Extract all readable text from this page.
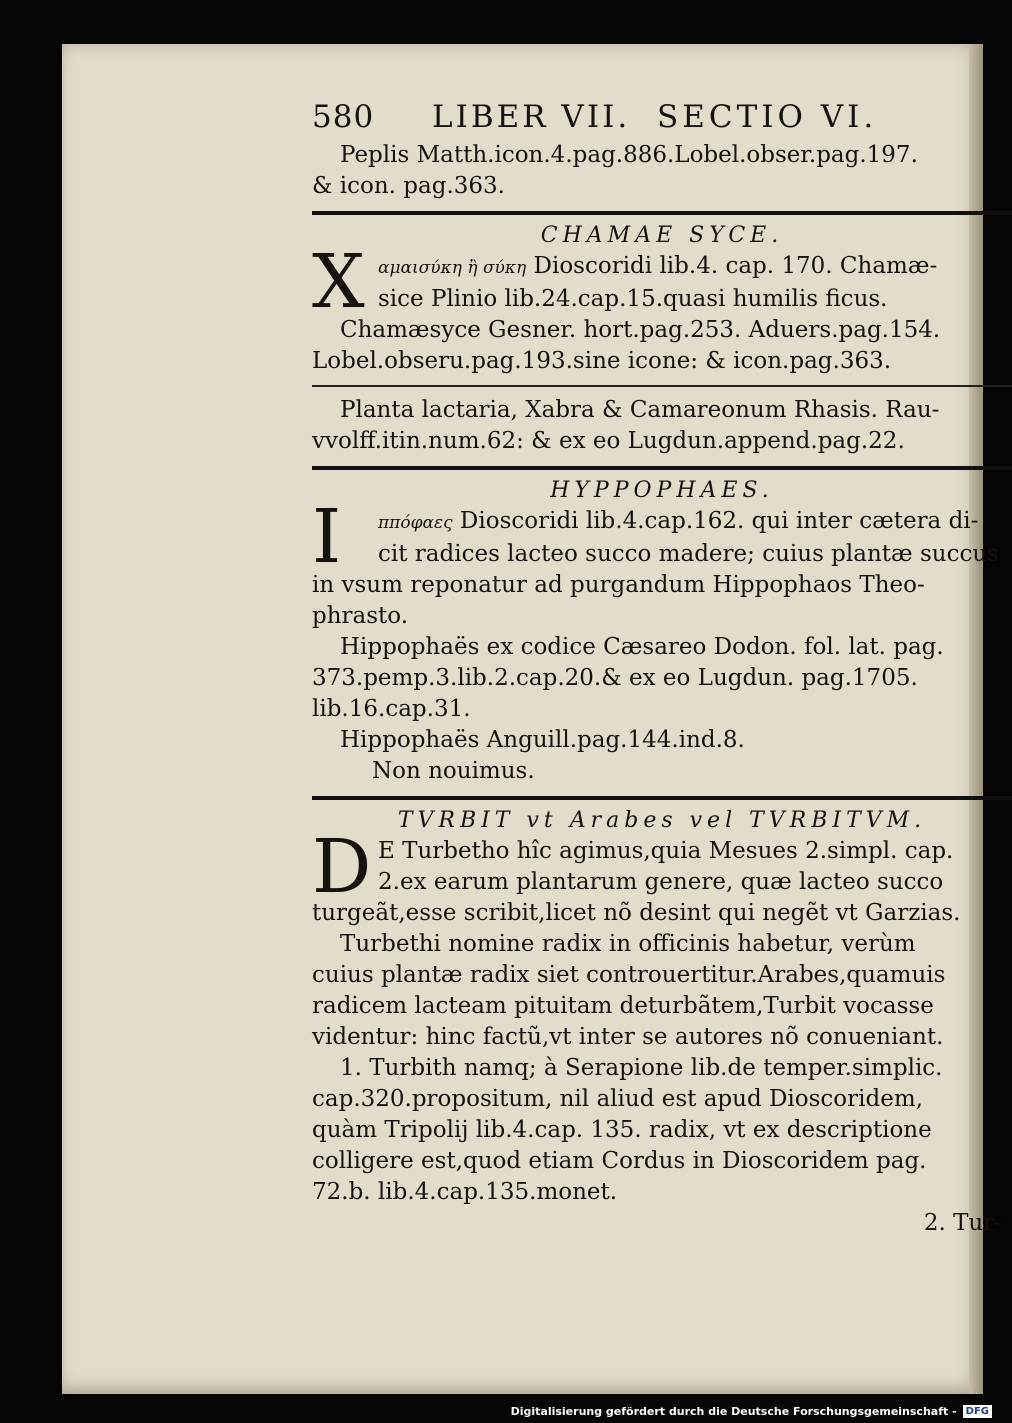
580	LIBER VII. SECTIO VI.
Peplis Matth.icon.4.pag.886.Lobel.obser.pag.197.
& icon. pag.363.
CHAMAE SYCE.
X αμαισύκη ἢ σύκη Dioscoridi lib.4. cap. 170. Chamæ-
sice Plinio lib.24.cap.15.quasi humilis ficus.
Chamæsyce Gesner. hort.pag.253. Aduers.pag.154.
Lobel.obseru.pag.193.sine icone: & icon.pag.363.
Planta lactaria, Xabra & Camareonum Rhasis. Rau-
vvolff.itin.num.62: & ex eo Lugdun.append.pag.22.
HYPPOPHAES.
I	ππόφαες Dioscoridi lib.4.cap.162. qui inter cætera di-
cit radices lacteo succo madere; cuius plantæ succus
in vsum reponatur ad purgandum Hippophaos Theo-
phrasto.
Hippophaës ex codice Cæsareo Dodon. fol. lat. pag.
373.pemp.3.lib.2.cap.20.& ex eo Lugdun. pag.1705.
lib.16.cap.31.
Hippophaës Anguill.pag.144.ind.8.
Non nouimus.
TVRBIT vt Arabes vel TVRBITVM.
D E Turbetho hîc agimus,quia Mesues 2.simpl. cap.
2.ex earum plantarum genere, quæ lacteo succo
turgeãt,esse scribit,licet nõ desint qui negẽt vt Garzias.
Turbethi nomine radix in officinis habetur, verùm
cuius plantæ radix siet controuertitur.Arabes,quamuis
radicem lacteam pituitam deturbãtem,Turbit vocasse
videntur: hinc factũ,vt inter se autores nõ conueniant.
1. Turbith namq; à Serapione lib.de temper.simplic.
cap.320.propositum, nil aliud est apud Dioscoridem,
quàm Tripolij lib.4.cap. 135. radix, vt ex descriptione
colligere est,quod etiam Cordus in Dioscoridem pag.
72.b. lib.4.cap.135.monet.
2. Tur-
Digitalisierung gefördert durch die Deutsche Forschungsgemeinschaft - DFG
